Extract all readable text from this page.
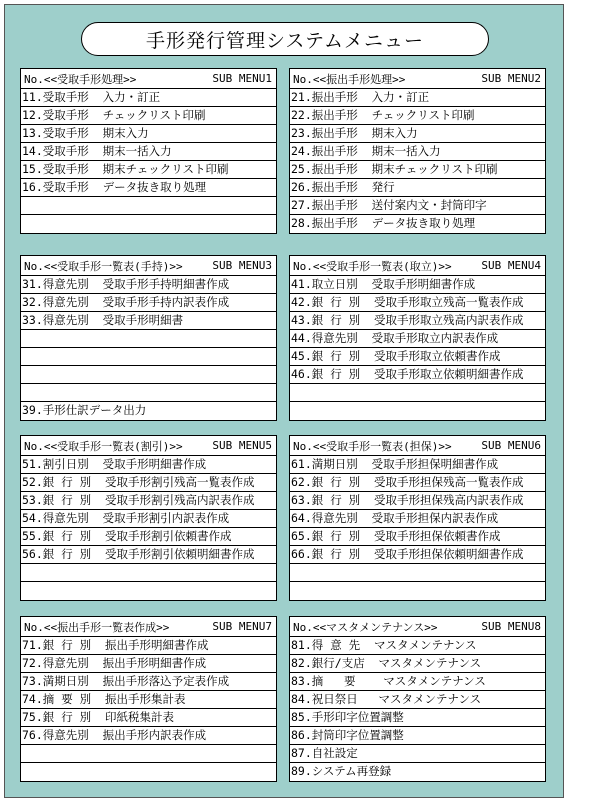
手形発行管理システムメニュー
No.<<受取手形処理>>	SUB MENU1
11.受取手形  入力・訂正
12.受取手形  チェックリスト印刷
13.受取手形  期末入力
14.受取手形  期末一括入力
15.受取手形  期末チェックリスト印刷
16.受取手形  データ抜き取り処理
No.<<振出手形処理>>	SUB MENU2
21.振出手形  入力・訂正
22.振出手形  チェックリスト印刷
23.振出手形  期末入力
24.振出手形  期末一括入力
25.振出手形  期末チェックリスト印刷
26.振出手形  発行
27.振出手形  送付案内文・封筒印字
28.振出手形  データ抜き取り処理
No.<<受取手形一覧表(手持)>>	SUB MENU3
31.得意先別  受取手形手持明細書作成
32.得意先別  受取手形手持内訳表作成
33.得意先別  受取手形明細書
39.手形仕訳データ出力
No.<<受取手形一覧表(取立)>>	SUB MENU4
41.取立日別  受取手形明細書作成
42.銀 行 別  受取手形取立残高一覧表作成
43.銀 行 別  受取手形取立残高内訳表作成
44.得意先別  受取手形取立内訳表作成
45.銀 行 別  受取手形取立依頼書作成
46.銀 行 別  受取手形取立依頼明細書作成
No.<<受取手形一覧表(割引)>>	SUB MENU5
51.割引日別  受取手形明細書作成
52.銀 行 別  受取手形割引残高一覧表作成
53.銀 行 別  受取手形割引残高内訳表作成
54.得意先別  受取手形割引内訳表作成
55.銀 行 別  受取手形割引依頼書作成
56.銀 行 別  受取手形割引依頼明細書作成
No.<<受取手形一覧表(担保)>>	SUB MENU6
61.満期日別  受取手形担保明細書作成
62.銀 行 別  受取手形担保残高一覧表作成
63.銀 行 別  受取手形担保残高内訳表作成
64.得意先別  受取手形担保内訳表作成
65.銀 行 別  受取手形担保依頼書作成
66.銀 行 別  受取手形担保依頼明細書作成
No.<<振出手形一覧表作成>>	SUB MENU7
71.銀 行 別  振出手形明細書作成
72.得意先別  振出手形明細書作成
73.満期日別  振出手形落込予定表作成
74.摘 要 別  振出手形集計表
75.銀 行 別  印紙税集計表
76.得意先別  振出手形内訳表作成
No.<<マスタメンテナンス>>	SUB MENU8
81.得 意 先  マスタメンテナンス
82.銀行/支店  マスタメンテナンス
83.摘   要    マスタメンテナンス
84.祝日祭日   マスタメンテナンス
85.手形印字位置調整
86.封筒印字位置調整
87.自社設定
89.システム再登録
